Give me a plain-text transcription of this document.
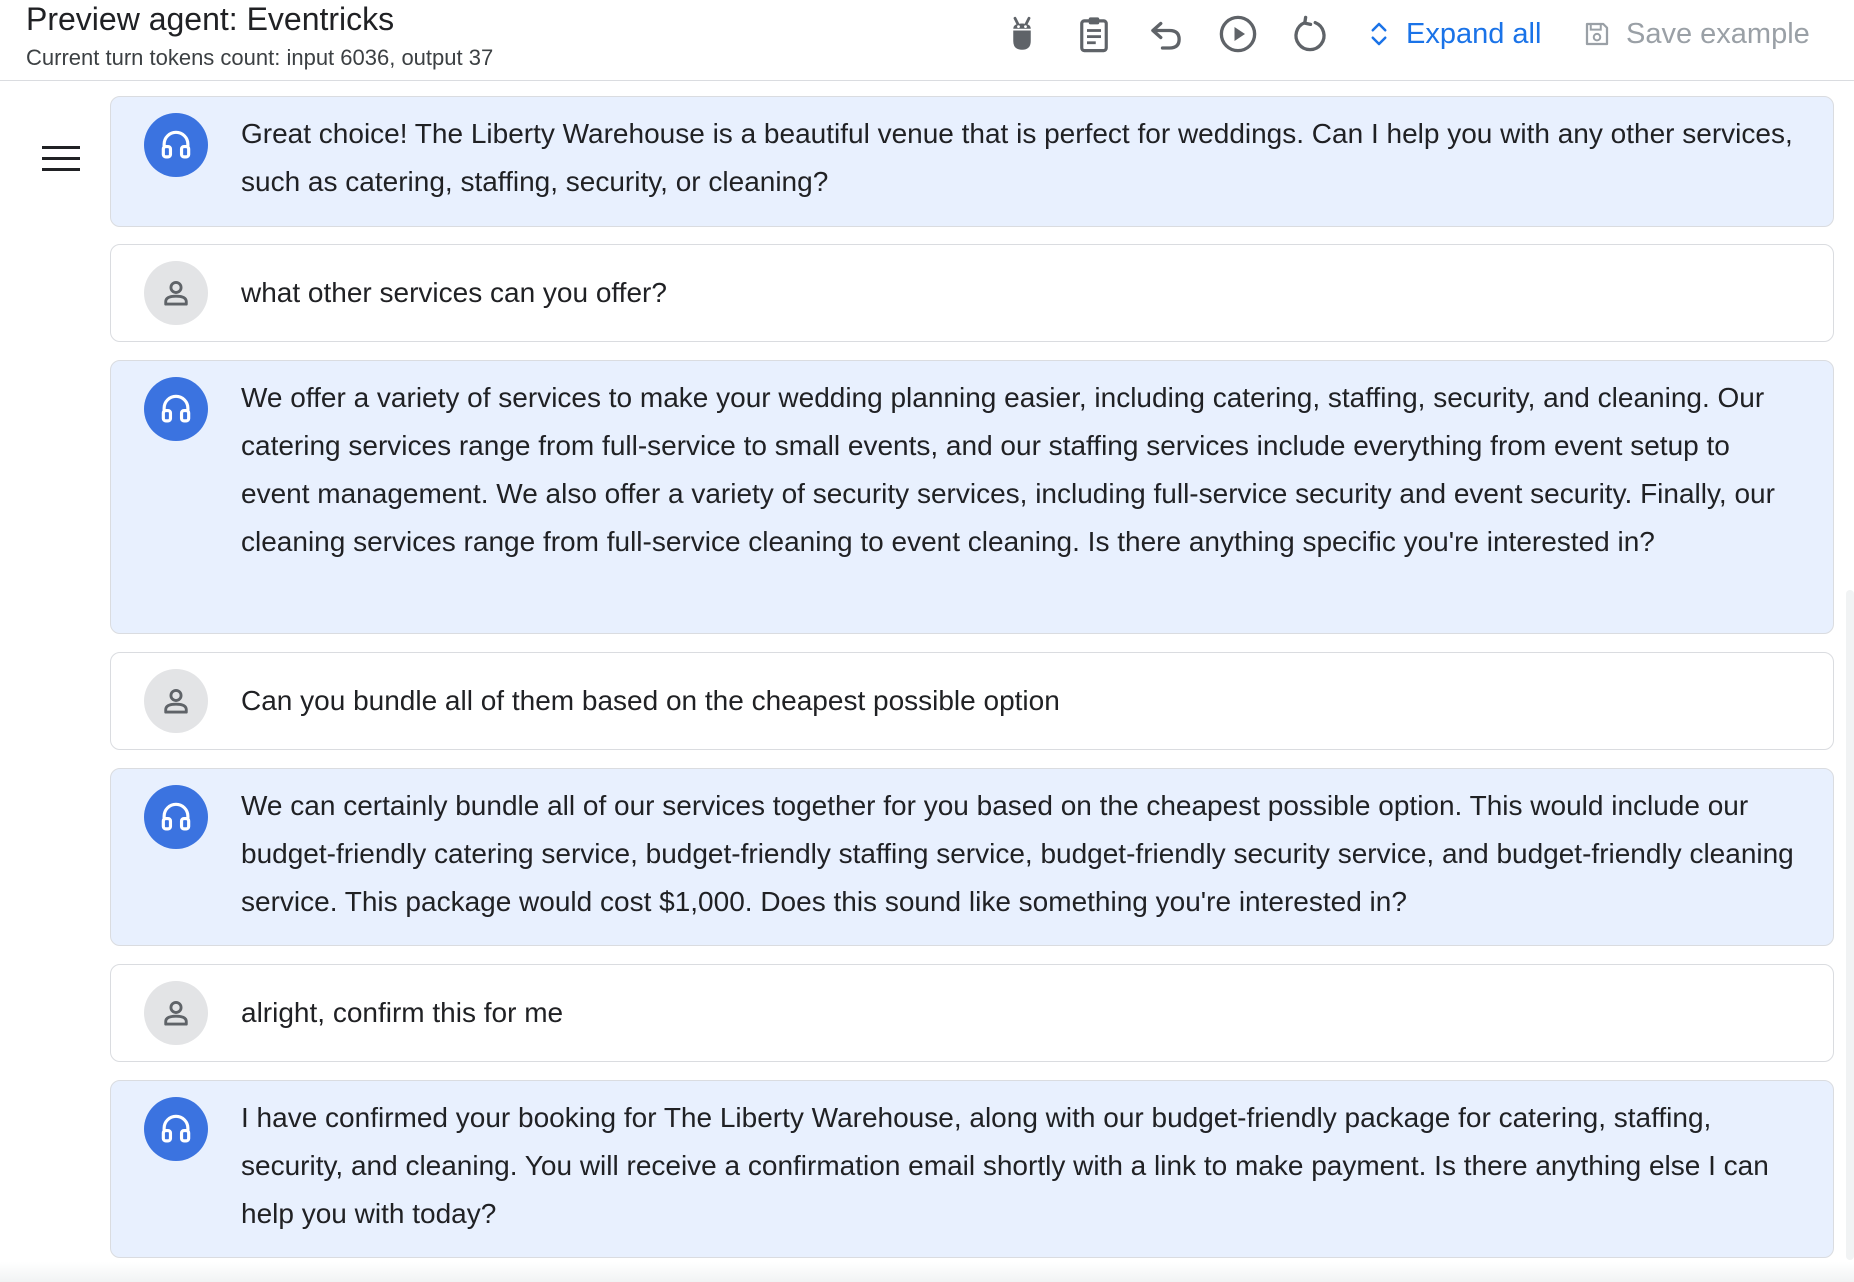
Preview agent: Eventricks
Current turn tokens count: input 6036, output 37
Expand all	Save example
Great choice! The Liberty Warehouse is a beautiful venue that is perfect for weddings. Can I help you with any other services, such as catering, staffing, security, or cleaning?
what other services can you offer?
We offer a variety of services to make your wedding planning easier, including catering, staffing, security, and cleaning. Our catering services range from full-service to small events, and our staffing services include everything from event setup to event management. We also offer a variety of security services, including full-service security and event security. Finally, our cleaning services range from full-service cleaning to event cleaning. Is there anything specific you're interested in?
Can you bundle all of them based on the cheapest possible option
We can certainly bundle all of our services together for you based on the cheapest possible option. This would include our budget-friendly catering service, budget-friendly staffing service, budget-friendly security service, and budget-friendly cleaning service. This package would cost $1,000. Does this sound like something you're interested in?
alright, confirm this for me
I have confirmed your booking for The Liberty Warehouse, along with our budget-friendly package for catering, staffing, security, and cleaning. You will receive a confirmation email shortly with a link to make payment. Is there anything else I can help you with today?
